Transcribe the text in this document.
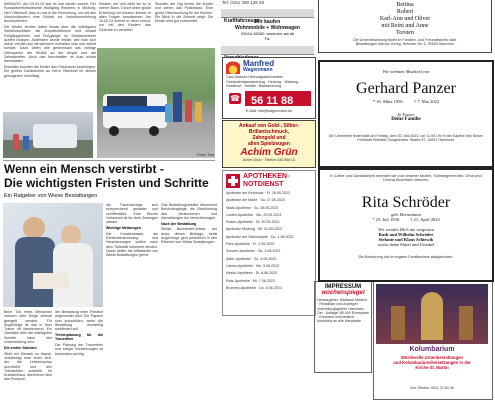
MISBURG. Am 29.04.23 war es mal wieder soweit. Der Kontaktbereichsbeamte Wolfgang Riechers in Misburg, Herr Ottenhoff, kam zu uns in die Einrichtung, um mit den Vorschulkindern eine Einheit zur Verkehrserziehung durchzuführen.

Die Kinder lernten dabei etwas über die wichtigsten Verkehrsschilder, die Ampelfunktionen und worauf Fußgängerinnen und Fußgänger im Straßenverkehr achten müssen. Außerdem wurde erklärt, wie man sich sicher verhält und mit welchem Verhalten man sich selbst schützt. Dazu übten alle gemeinsam das richtige Überqueren der Straße an der Ampel und am Zebrastreifen. Auch das Anschnallen im Auto wurde thematisiert.

Ebenfalls konnten die Kinder das Polizeiauto besichtigen. Ein großes Dankeschön an Herrn Ottenhoff für diesen gelungenen Vormittag.

Kindern um und zieht sie so in seinen Bann. Durch seine große Erfahrung mit Kindern konnte er allen Fragen beantworten. Am 15.05.23 kommt er dann erneut, um mit den Kindern das Gelernte zu vertiefen.

Stunden am Tag lernen die Kinder und sehen das Polizeiauto. Eine große Überraschung für die Kleinen. Ein Blick in die Zukunft zeigt: Die Kinder sind gut vorbereitet.

Fotos: Kita
Wenn ein Mensch verstirbt -
Die wichtigsten Fristen und Schritte
Ein Ratgeber von Wiese Bestattungen

Beim Tod eines Menschen müssen viele Dinge zeitnah geregelt werden. Für Angehörige ist das in ihrer Trauer oft überfordernd. Ein Überblick über die wichtigsten Schritte kann hier Unterstützung sein.

Die ersten Stunden

Stirbt ein Mensch zu Hause, verständigt man einen Arzt, der die Leichenschau durchführt und den Totenschein ausstellt. Im Krankenhaus übernimmt dies das Personal.

der Bestattung beim Friedhof angemeldet wird. Die Papiere sind auszufüllen, wenn die Bestattung rechtzeitig stattfinden soll.

Terminplanung für die Trauerfeier

Die Planung der Trauerfeier und einiger Vorkehrungen ist besonders wichtig.

die Traueranzeige sich entsprechend gestaltet und veröffentlicht. Eine Woche Vorlaufzeit ist für viele Zeitungen ratsam.

Wichtige Meldungen

Die Krankenkasse, die Rentenversicherung und Versicherungen sollten nach dem Todesfall informiert werden. Dabei helfen die Mitarbeiter von Wiese Bestattungen gerne.

Das Bestattungsinstitut übernimmt Behördengänge, die Überführung des Verstorbenen und Abmeldungen bei Versicherungen.

Nach der Bestattung

Stefan Burmeister-Wiese, der Autor dieses Beitrags, berät Angehörige gern persönlich in den Räumen von Wiese Bestattungen.

Tel. 0151 290 128 48
Kraftfahrzeuge
Wir kaufen
Wohnmobile + Wohnwagen
03944-36160, www.wm-aw.de
Fa.
Manfred
Wagenmann
Gas-Wasser-Heizungsbaumeister
Gebäudeinstandsetzung · Heizung · Wartung · Notdienst · Sanitär · Badsanierung
56 11 88
☎
E-Mail: info@wagenmann.de
Ankauf von Gold-, Silber-
Brillantschmuck,
Zahngold und
allen Spielzeugen
Achim Grün
Achim Grün · Telefon 030 866 01
APOTHEKEN-
NOTDIENST
Apotheke am Kirchrode · Fr. 26.05.2023
Apotheke am Markt · Sa. 27.05.2023
Stadt-Apotheke · So. 28.05.2023
Linden-Apotheke · Mo. 29.05.2023
Rosen-Apotheke · Di. 30.05.2023
Apotheke Misburg · Mi. 31.05.2023
Apotheke am Schlosspark · Do. 1.06.2023
Park-Apotheke · Fr. 2.06.2023
Sonnen-Apotheke · Sa. 3.06.2023
Adler-Apotheke · So. 4.06.2023
Löwen-Apotheke · Mo. 5.06.2023
Hirsch-Apotheke · Di. 6.06.2023
Rats-Apotheke · Mi. 7.06.2023
Brunnen-Apotheke · Do. 8.06.2023	IMPRESSUM
wochenspiegel
Herausgeber: Madsack Medien · Redaktion und Anzeigen · Verbreitungsgebiet Hannover-Ost · Auflage: 85.000 Exemplare · Erscheint wöchentlich kostenlos an alle Haushalte
Kolumbarium
Würdevolle Urnenbestattungen
und Kolumbariumsbeisetzungen in der
Kirche St. Martin
Info-Telefon: 0511 22 84 36
Bettina
Robert
Karl-Ann und Oliver
mit Reini und Anne
Torsten
Die Urnenbeisetzung findet im Familien- und Freundeskreis statt.
Bestattungen Werner Georg, Sehnder Str. 5, 30559 Hannover
Wir nehmen Abschied von
Gerhard Panzer
* 16. März 1950          † 7. Mai 2023
In Trauer
Deine Familie
Die Urnenfeier findet statt am Freitag, dem 30. Mai 2023, um 11.00 Uhr in der Kapelle des Neuen Friedhofs Bothfeld, Burgwedeler Straße 87, 30657 Hannover.
In Liebe und Dankbarkeit nehmen wir von unserer Mutter, Schwiegermutter, Oma und Uroma Abschied nehmen.
Rita Schröder
geb. Bornemann
* 23. Juli 1939          † 21. April 2023
Wir werden Dich nie vergessen
Ruth und Wilhelm Schröder
Stefanie und Klaus Schiewik
sowie deine Enkel und Urenkel
Die Beisetzung hat im engsten Familienkreis stattgefunden.
